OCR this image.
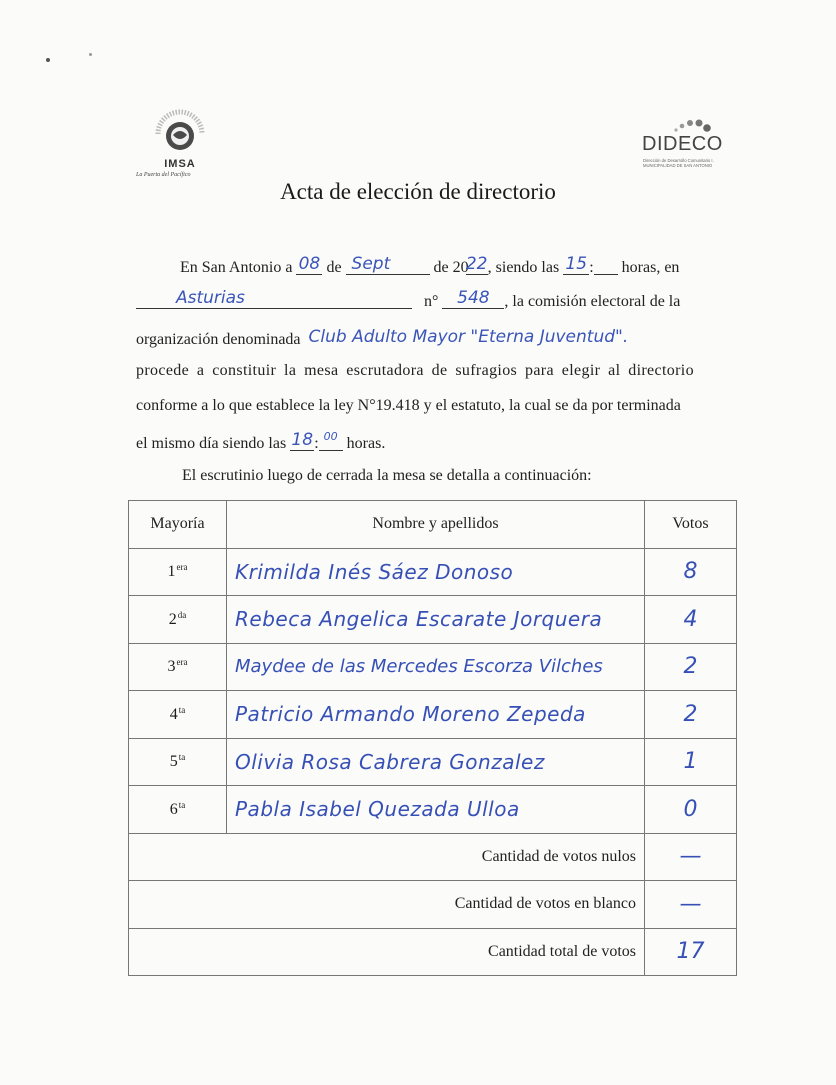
IMSA
La Puerta del Pacífico
DIDECO
Dirección de Desarrollo Comunitario I. MUNICIPALIDAD DE SAN ANTONIO
Acta de elección de directorio
En San Antonio a 08 de Sept	de 20
22 , siendo las 15 : horas, en
Asturias	n°	548 , la comisión electoral de la
organización denominada Club Adulto Mayor "Eterna Juventud".
procede a constituir la mesa escrutadora de sufragios para elegir al directorio
conforme a lo que establece la ley N°19.418 y el estatuto, la cual se da por terminada
el mismo día siendo las 18 : 00 horas.
El escrutinio luego de cerrada la mesa se detalla a continuación:
Mayoría	Nombre y apellidos	Votos
$1^{era}$	Krimilda Inés Sáez Donoso	8
$2^{da}$	Rebeca Angelica Escarate Jorquera	4
$3^{era}$	Maydee de las Mercedes Escorza Vilches	2
$4^{ta}$	Patricio Armando Moreno Zepeda	2
$5^{ta}$	Olivia Rosa Cabrera Gonzalez	1
$6^{ta}$	Pabla Isabel Quezada Ulloa	0
Cantidad de votos nulos		—
Cantidad de votos en blanco		—
Cantidad total de votos		17
